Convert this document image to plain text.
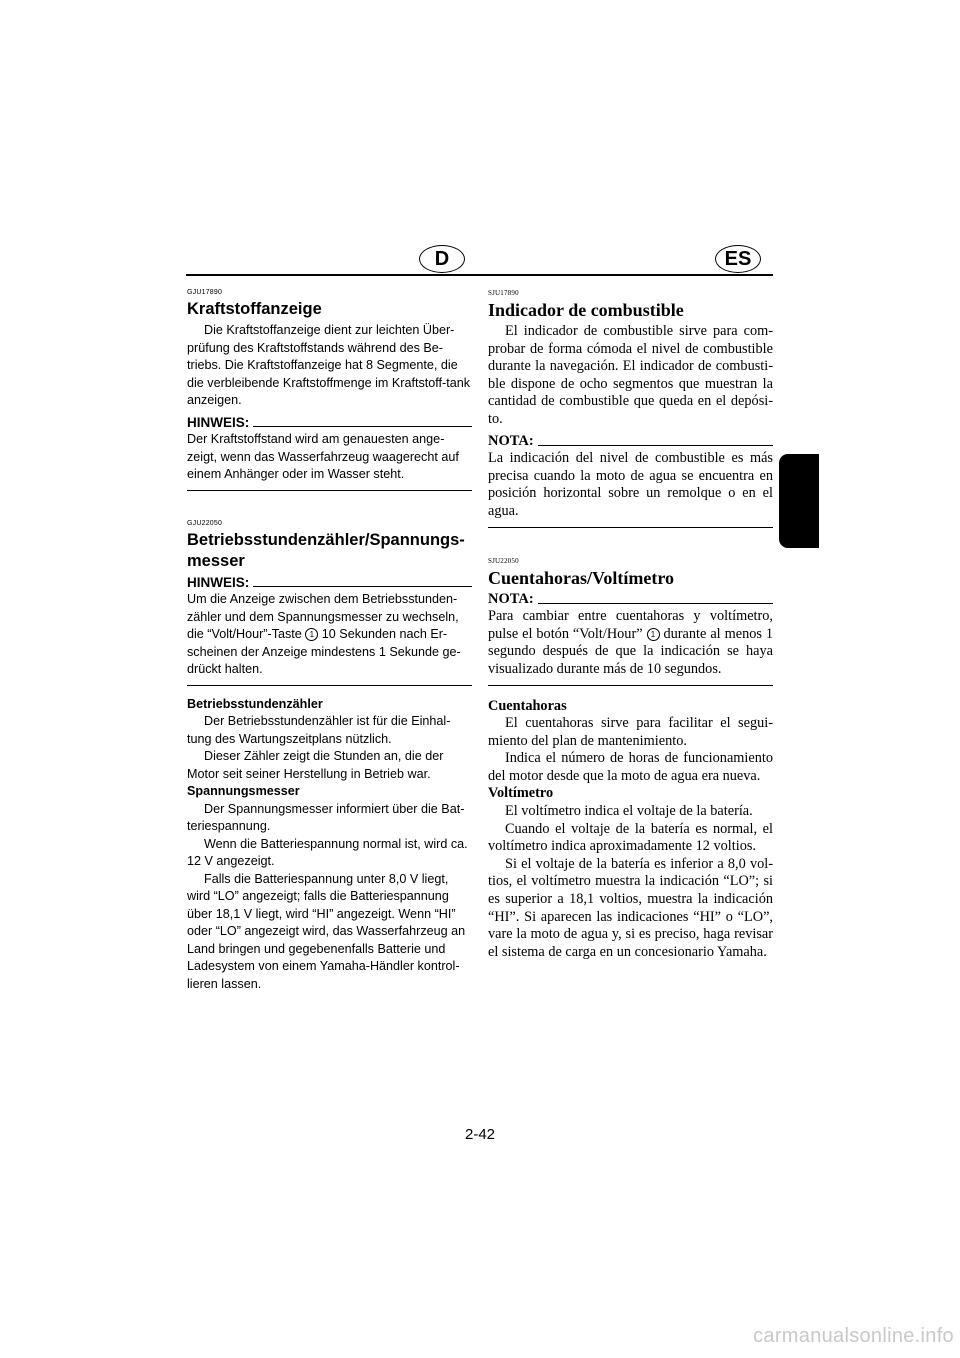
D	ES
GJU17890
Kraftstoffanzeige

Die Kraftstoffanzeige dient zur leichten Über-prüfung des Kraftstoffstands während des Be-triebs. Die Kraftstoffanzeige hat 8 Segmente, die die verbleibende Kraftstoffmenge im Kraftstoff-tank anzeigen.

HINWEIS:

Der Kraftstoffstand wird am genauesten ange-zeigt, wenn das Wasserfahrzeug waagerecht auf einem Anhänger oder im Wasser steht.

GJU22050
Betriebsstundenzähler/Spannungs-messer
HINWEIS:

Um die Anzeige zwischen dem Betriebsstunden-zähler und dem Spannungsmesser zu wechseln, die “Volt/Hour”-Taste 1 10 Sekunden nach Er-scheinen der Anzeige mindestens 1 Sekunde ge-drückt halten.

Betriebsstundenzähler

Der Betriebsstundenzähler ist für die Einhal-tung des Wartungszeitplans nützlich.

Dieser Zähler zeigt die Stunden an, die der Motor seit seiner Herstellung in Betrieb war.

Spannungsmesser

Der Spannungsmesser informiert über die Bat-teriespannung.

Wenn die Batteriespannung normal ist, wird ca. 12 V angezeigt.

Falls die Batteriespannung unter 8,0 V liegt, wird “LO” angezeigt; falls die Batteriespannung über 18,1 V liegt, wird “HI” angezeigt. Wenn “HI” oder “LO” angezeigt wird, das Wasserfahrzeug an Land bringen und gegebenenfalls Batterie und Ladesystem von einem Yamaha-Händler kontrol-lieren lassen.

SJU17890
Indicador de combustible

El indicador de combustible sirve para com-probar de forma cómoda el nivel de combustible durante la navegación. El indicador de combusti-ble dispone de ocho segmentos que muestran la cantidad de combustible que queda en el depósi-to.

NOTA:

La indicación del nivel de combustible es más precisa cuando la moto de agua se encuentra en posición horizontal sobre un remolque o en el agua.

SJU22050
Cuentahoras/Voltímetro
NOTA:

Para cambiar entre cuentahoras y voltímetro, pulse el botón “Volt/Hour” 1 durante al menos 1 segundo después de que la indicación se haya visualizado durante más de 10 segundos.

Cuentahoras

El cuentahoras sirve para facilitar el segui-miento del plan de mantenimiento.

Indica el número de horas de funcionamiento del motor desde que la moto de agua era nueva.

Voltímetro

El voltímetro indica el voltaje de la batería.

Cuando el voltaje de la batería es normal, el voltímetro indica aproximadamente 12 voltios.

Si el voltaje de la batería es inferior a 8,0 vol-tios, el voltímetro muestra la indicación “LO”; si es superior a 18,1 voltios, muestra la indicación “HI”. Si aparecen las indicaciones “HI” o “LO”, vare la moto de agua y, si es preciso, haga revisar el sistema de carga en un concesionario Yamaha.

2-42
carmanualsonline.info
